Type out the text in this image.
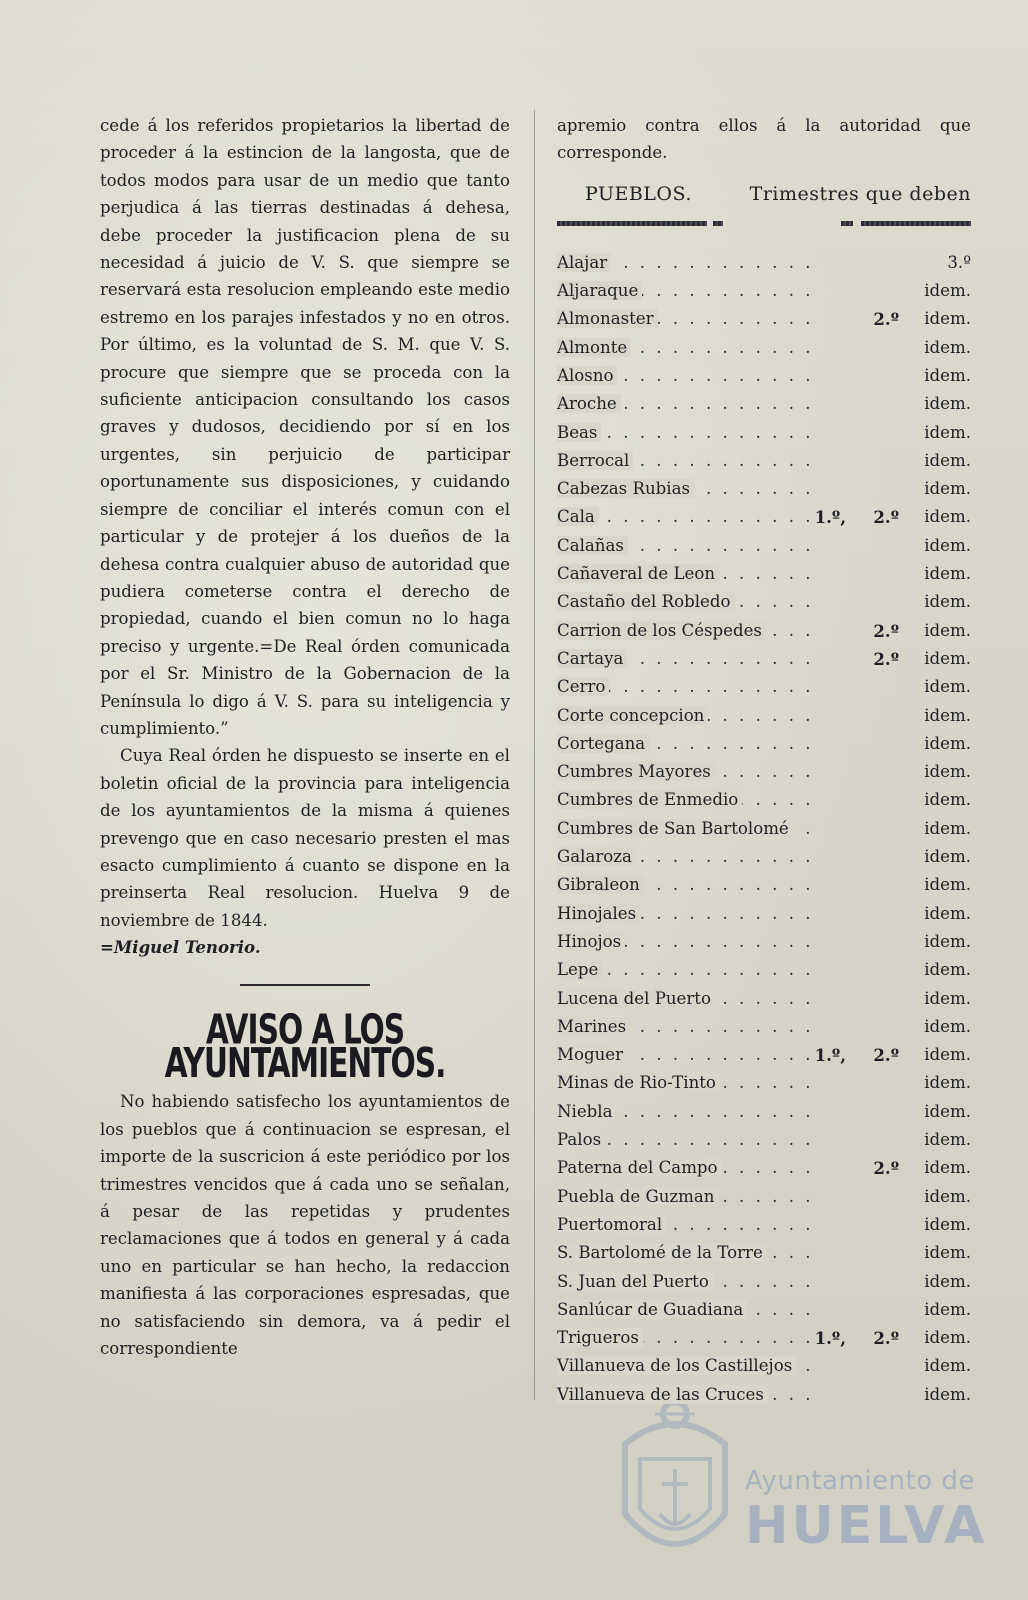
cede á los referidos propietarios la libertad de proceder á la estincion de la langosta, que de todos modos para usar de un medio que tanto perjudica á las tierras destinadas á dehesa, debe proceder la justificacion plena de su necesidad á juicio de V. S. que siempre se reservará esta resolucion empleando este medio estremo en los parajes infestados y no en otros. Por último, es la voluntad de S. M. que V. S. procure que siempre que se proceda con la suficiente anticipacion consultando los casos graves y dudosos, decidiendo por sí en los urgentes, sin perjuicio de participar oportunamente sus disposiciones, y cuidando siempre de conciliar el interés comun con el particular y de protejer á los dueños de la dehesa contra cualquier abuso de autoridad que pudiera cometerse contra el derecho de propiedad, cuando el bien comun no lo haga preciso y urgente.=De Real órden comunicada por el Sr. Ministro de la Gobernacion de la Península lo digo á V. S. para su inteligencia y cumplimiento.”

Cuya Real órden he dispuesto se inserte en el boletin oficial de la provincia para inteligencia de los ayuntamientos de la misma á quienes prevengo que en caso necesario presten el mas esacto cumplimiento á cuanto se dispone en la preinserta Real resolucion. Huelva 9 de noviembre de 1844.
=Miguel Tenorio.

AVISO A LOS AYUNTAMIENTOS.

No habiendo satisfecho los ayuntamientos de los pueblos que á continuacion se espresan, el importe de la suscricion á este periódico por los trimestres vencidos que á cada uno se señalan, á pesar de las repetidas y prudentes reclamaciones que á todos en general y á cada uno en particular se han hecho, la redaccion manifiesta á las corporaciones espresadas, que no satisfaciendo sin demora, va á pedir el correspondiente

apremio contra ellos á la autoridad que corresponde.

PUEBLOS.	Trimestres que deben
. . .
Alajar	3.º
. . .
Aljaraque	idem.
. . .
Almonaster	2.º idem.
. . .
Almonte	idem.
. . .
Alosno	idem.
. . .
Aroche	idem.
. . .
Beas	idem.
. . .
Berrocal	idem.
. . .
Cabezas Rubias	idem.
. . .
Cala	1.º,	2.º idem.
. . .
Calañas	idem.
. . .
Cañaveral de Leon	idem.
. . .
Castaño del Robledo	idem.
. . .
Carrion de los Céspedes	2.º idem.
. . .
Cartaya	2.º idem.
. . .
Cerro	idem.
. . .
Corte concepcion	idem.
. . .
Cortegana	idem.
. . .
Cumbres Mayores	idem.
. . .
Cumbres de Enmedio	idem.
. . .
Cumbres de San Bartolomé	idem.
. . .
Galaroza	idem.
. . .
Gibraleon	idem.
. . .
Hinojales	idem.
. . .
Hinojos	idem.
. . .
Lepe	idem.
. . .
Lucena del Puerto	idem.
. . .
Marines	idem.
. . .
Moguer	1.º,	2.º idem.
. . .
Minas de Rio-Tinto	idem.
. . .
Niebla	idem.
. . .
Palos	idem.
. . .
Paterna del Campo	2.º idem.
. . .
Puebla de Guzman	idem.
. . .
Puertomoral	idem.
. . .
S. Bartolomé de la Torre	idem.
. . .
S. Juan del Puerto	idem.
. . .
Sanlúcar de Guadiana	idem.
. . .
Trigueros	1.º,	2.º idem.
. . .
Villanueva de los Castillejos	idem.
. . .
Villanueva de las Cruces	idem.
Ayuntamiento de
HUELVA
